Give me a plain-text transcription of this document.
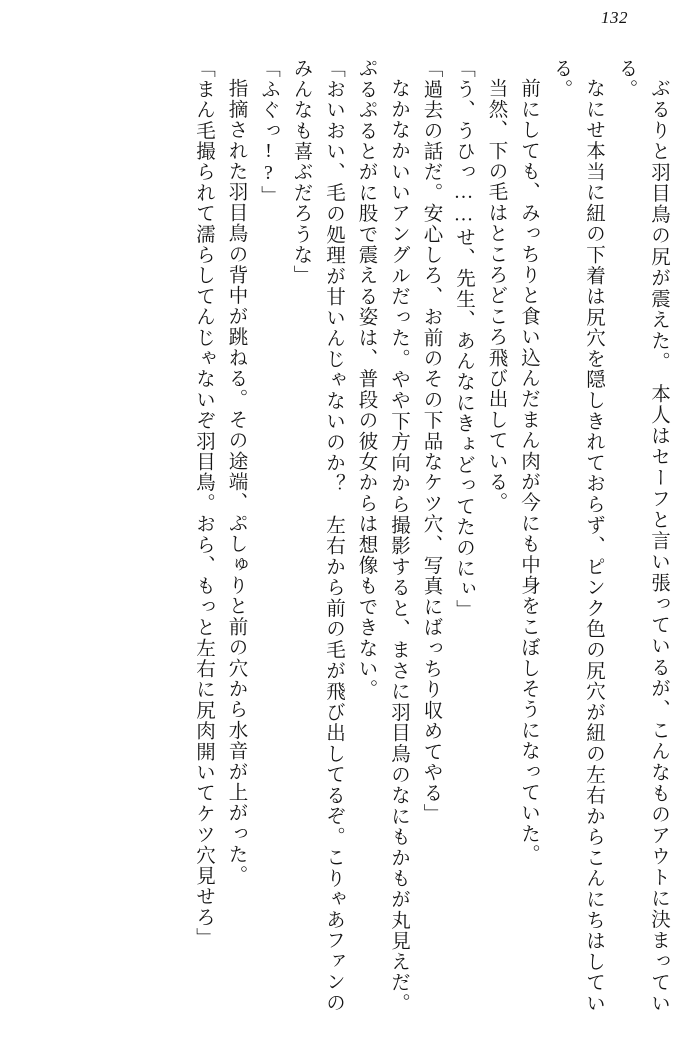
132

ぶるりと羽目鳥の尻が震えた。　本人はセーフと言い張っているが、こんなものアウトに決まっている。

なにせ本当に紐の下着は尻穴を隠しきれておらず、ピンク色の尻穴が紐の左右からこんにちはしている。

前にしても、みっちりと食い込んだまん肉が今にも中身をこぼしそうになっていた。

当然、下の毛はところどころ飛び出している。

「う、うひっ……せ、先生、あんなにきょどってたのにぃ」

「過去の話だ。安心しろ、お前のその下品なケツ穴、写真にばっちり収めてやる」

なかなかいいアングルだった。やや下方向から撮影すると、まさに羽目鳥のなにもかもが丸見えだ。ぷるぷるとがに股で震える姿は、普段の彼女からは想像もできない。

「おいおい、毛の処理が甘いんじゃないのか？　左右から前の毛が飛び出してるぞ。こりゃあファンのみんなも喜ぶだろうな」

「ふぐっ!?」

指摘された羽目鳥の背中が跳ねる。その途端、ぷしゅりと前の穴から水音が上がった。

「まん毛撮られて濡らしてんじゃないぞ羽目鳥。おら、もっと左右に尻肉開いてケツ穴見せろ」
